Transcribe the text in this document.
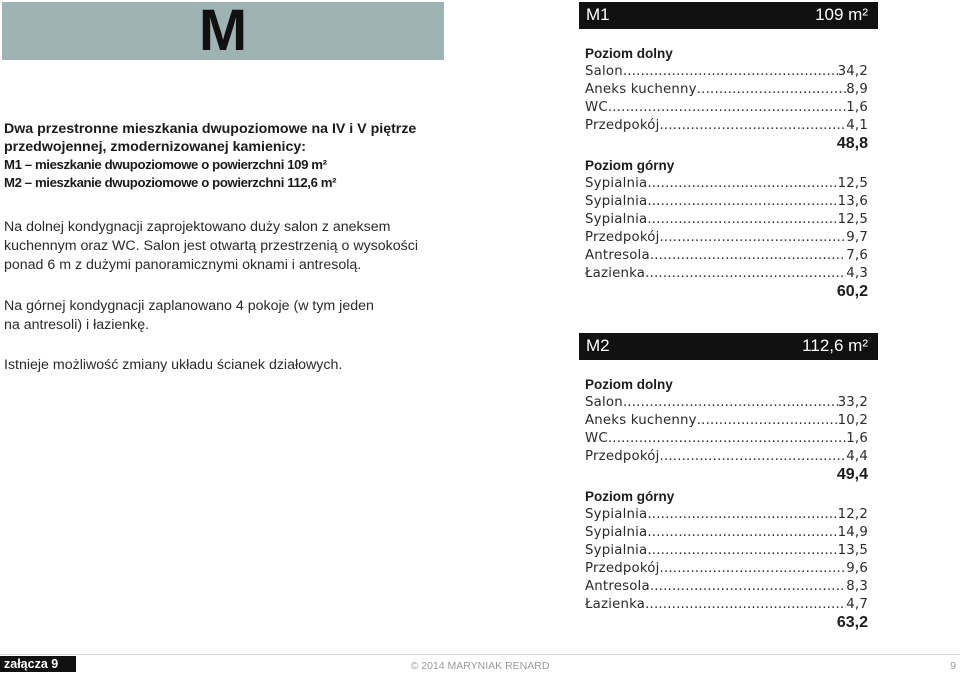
M
Dwa przestronne mieszkania dwupoziomowe na IV i V piętrze
przedwojennej, zmodernizowanej kamienicy:
M1 – mieszkanie dwupoziomowe o powierzchni 109 m²
M2 – mieszkanie dwupoziomowe o powierzchni 112,6 m²
Na dolnej kondygnacji zaprojektowano duży salon z aneksem
kuchennym oraz WC. Salon jest otwartą przestrzenią o wysokości
ponad 6 m z dużymi panoramicznymi oknami i antresolą.
Na górnej kondygnacji zaplanowano 4 pokoje (w tym jeden
na antresoli) i łazienkę.
Istnieje możliwość zmiany układu ścianek działowych.
M1	109 m²
Poziom dolny
Salon .....	34,2
Aneks kuchenny .....	8,9
WC .....	1,6
Przedpokój .....	4,1
48,8
Poziom górny
Sypialnia .....	12,5
Sypialnia .....	13,6
Sypialnia .....	12,5
Przedpokój .....	9,7
Antresola .....	7,6
Łazienka .....	4,3
60,2
M2	112,6 m²
Poziom dolny
Salon .....	33,2
Aneks kuchenny .....	10,2
WC .....	1,6
Przedpokój .....	4,4
49,4
Poziom górny
Sypialnia .....	12,2
Sypialnia .....	14,9
Sypialnia .....	13,5
Przedpokój .....	9,6
Antresola .....	8,3
Łazienka .....	4,7
63,2
załącza 9	© 2014 MARYNIAK RENARD	9
